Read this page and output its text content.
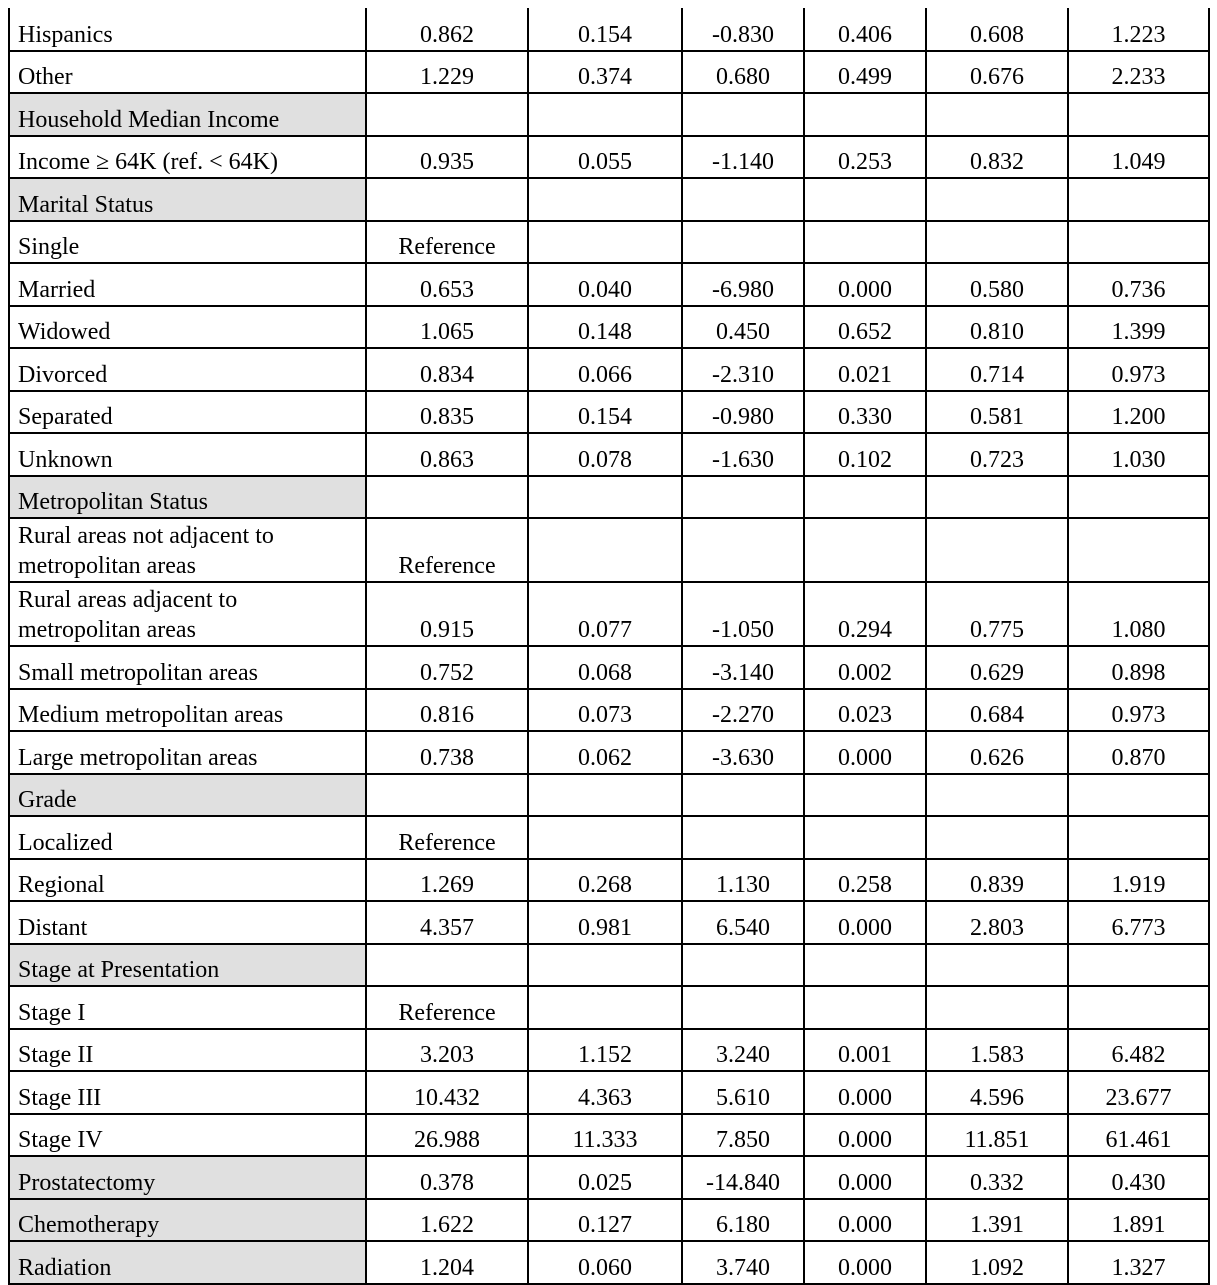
Hispanics	0.862	0.154	-0.830	0.406	0.608	1.223
Other	1.229	0.374	0.680	0.499	0.676	2.233
Household Median Income						
Income ≥ 64K (ref. < 64K)	0.935	0.055	-1.140	0.253	0.832	1.049
Marital Status						
Single	Reference					
Married	0.653	0.040	-6.980	0.000	0.580	0.736
Widowed	1.065	0.148	0.450	0.652	0.810	1.399
Divorced	0.834	0.066	-2.310	0.021	0.714	0.973
Separated	0.835	0.154	-0.980	0.330	0.581	1.200
Unknown	0.863	0.078	-1.630	0.102	0.723	1.030
Metropolitan Status						
Rural areas not adjacent to metropolitan areas	Reference					
Rural areas adjacent to metropolitan areas	0.915	0.077	-1.050	0.294	0.775	1.080
Small metropolitan areas	0.752	0.068	-3.140	0.002	0.629	0.898
Medium metropolitan areas	0.816	0.073	-2.270	0.023	0.684	0.973
Large metropolitan areas	0.738	0.062	-3.630	0.000	0.626	0.870
Grade						
Localized	Reference					
Regional	1.269	0.268	1.130	0.258	0.839	1.919
Distant	4.357	0.981	6.540	0.000	2.803	6.773
Stage at Presentation						
Stage I	Reference					
Stage II	3.203	1.152	3.240	0.001	1.583	6.482
Stage III	10.432	4.363	5.610	0.000	4.596	23.677
Stage IV	26.988	11.333	7.850	0.000	11.851	61.461
Prostatectomy	0.378	0.025	-14.840	0.000	0.332	0.430
Chemotherapy	1.622	0.127	6.180	0.000	1.391	1.891
Radiation	1.204	0.060	3.740	0.000	1.092	1.327
